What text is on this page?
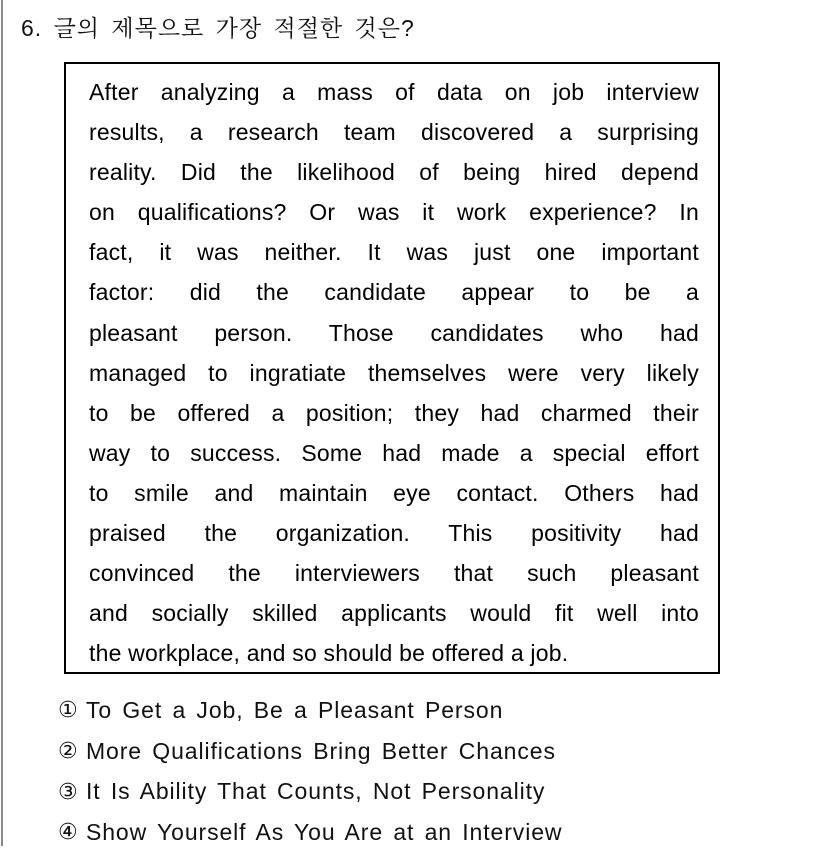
6. 글의 제목으로 가장 적절한 것은?
After analyzing a mass of data on job interview
results, a research team discovered a surprising
reality. Did the likelihood of being hired depend
on qualifications? Or was it work experience? In
fact, it was neither. It was just one important
factor: did the candidate appear to be a
pleasant person. Those candidates who had
managed to ingratiate themselves were very likely
to be offered a position; they had charmed their
way to success. Some had made a special effort
to smile and maintain eye contact. Others had
praised the organization. This positivity had
convinced the interviewers that such pleasant
and socially skilled applicants would fit well into
the workplace, and so should be offered a job.
① To Get a Job, Be a Pleasant Person
② More Qualifications Bring Better Chances
③ It Is Ability That Counts, Not Personality
④ Show Yourself As You Are at an Interview
